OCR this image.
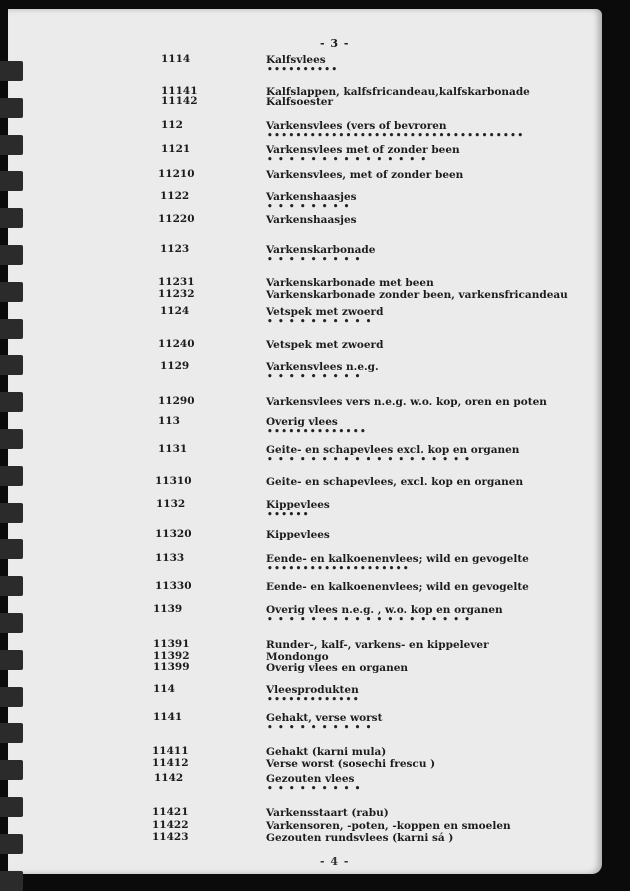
- 3 -
1114	Kalfsvlees
••••••••••
11141	Kalfslappen, kalfsfricandeau,kalfskarbonade
11142	Kalfsoester
112	Varkensvlees (vers of bevroren
••••••••••••••••••••••••••••••••••••
1121	Varkensvlees met of zonder been
•••••••••••••••
11210	Varkensvlees, met of zonder been
1122	Varkenshaasjes
••••••••
11220	Varkenshaasjes
1123	Varkenskarbonade
•••••••••
11231	Varkenskarbonade met been
11232	Varkenskarbonade zonder been, varkensfricandeau
1124	Vetspek met zwoerd
••••••••••
11240	Vetspek met zwoerd
1129	Varkensvlees n.e.g.
•••••••••
11290	Varkensvlees vers n.e.g. w.o. kop, oren en poten
113	Overig vlees
••••••••••••••
1131	Geite- en schapevlees excl. kop en organen
•••••••••••••••••••
11310	Geite- en schapevlees, excl. kop en organen
1132	Kippevlees
••••••
11320	Kippevlees
1133	Eende- en kalkoenenvlees; wild en gevogelte
••••••••••••••••••••
11330	Eende- en kalkoenenvlees; wild en gevogelte
1139	Overig vlees n.e.g. , w.o. kop en organen
•••••••••••••••••••
11391	Runder-, kalf-, varkens- en kippelever
11392	Mondongo
11399	Overig vlees en organen
114	Vleesprodukten
•••••••••••••
1141	Gehakt, verse worst
••••••••••
11411	Gehakt (karni mula)
11412	Verse worst (sosechi frescu )
1142	Gezouten vlees
•••••••••
11421	Varkensstaart (rabu)
11422	Varkensoren, -poten, -koppen en smoelen
11423	Gezouten rundsvlees (karni sá )
- 4 -
